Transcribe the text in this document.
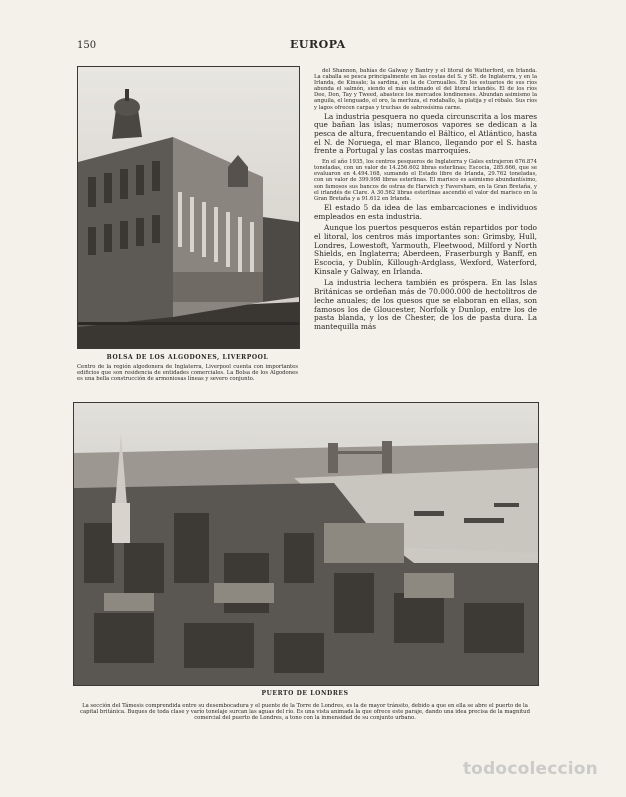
150	EUROPA
BOLSA DE LOS ALGODONES, LIVERPOOL
Centro de la región algodonera de Inglaterra, Liverpool cuenta con importantes edificios que son residencia de entidades comerciales. La Bolsa de los Algodones es una bella construcción de armoniosas líneas y severo conjunto.

del Shannon, bahías de Galway y Bantry y el litoral de Watterford, en Irlanda. La caballa se pesca principalmente en las costas del S. y SE. de Inglaterra, y en la Irlanda, de Kinsale; la sardina, en la de Cornualles. En los estuarios de sus ríos abunda el salmón, siendo el más estimado el del litoral irlandés. El de los ríos Dee, Don, Tay y Tweed, abastece los mercados londinenses. Abundan asimismo la anguila, el lenguado, el oro, la merluza, el rodaballo, la platija y el róbalo. Sus ríos y lagos ofrecen carpas y truchas de sabrosísima carne.

La industria pesquera no queda circunscrita a los mares que bañan las islas; numerosos vapores se dedican a la pesca de altura, frecuentando el Báltico, el Atlántico, hasta el N. de Noruega, el mar Blanco, llegando por el S. hasta frente a Portugal y las costas marroquíes.

En el año 1935, los centros pesqueros de Inglaterra y Gales extrajeron 676.874 toneladas, con un valor de 14.256.602 libras esterlinas; Escocia, 285.666, que se evaluaron en 4.494.168, sumando el Estado libre de Irlanda, 29.762 toneladas, con un valor de 399.998 libras esterlinas. El marisco es asimismo abundantísimo, son famosos sus bancos de ostras de Harwich y Faversham, en la Gran Bretaña, y el irlandés de Clare. A 30.562 libras esterlinas ascendió el valor del marisco en la Gran Bretaña y a 91.612 en Irlanda.

El estado 5 da idea de las embarcaciones e individuos empleados en esta industria.

Aunque los puertos pesqueros están repartidos por todo el litoral, los centros más importantes son: Grimsby, Hull, Londres, Lowestoft, Yarmouth, Fleetwood, Milford y North Shields, en Inglaterra; Aberdeen, Fraserburgh y Banff, en Escocia, y Dublín, Killough-Ardglass, Wexford, Waterford, Kinsale y Galway, en Irlanda.

La industria lechera también es próspera. En las Islas Británicas se ordeñan más de 70.000.000 de hectolitros de leche anuales; de los quesos que se elaboran en ellas, son famosos los de Gloucester, Norfolk y Dunlop, entre los de pasta blanda, y los de Chester, de los de pasta dura. La mantequilla más

PUERTO DE LONDRES
La sección del Támesis comprendida entre su desembocadura y el puente de la Torre de Londres, es la de mayor tránsito, debido a que en ella se abre el puerto de la capital británica. Buques de toda clase y varío tonelaje surcan las aguas del río. Es una vista animada la que ofrece este paraje, dando una idea precisa de la magnitud comercial del puerto de Londres, a tono con la inmensidad de su conjunto urbano.
todocoleccion
